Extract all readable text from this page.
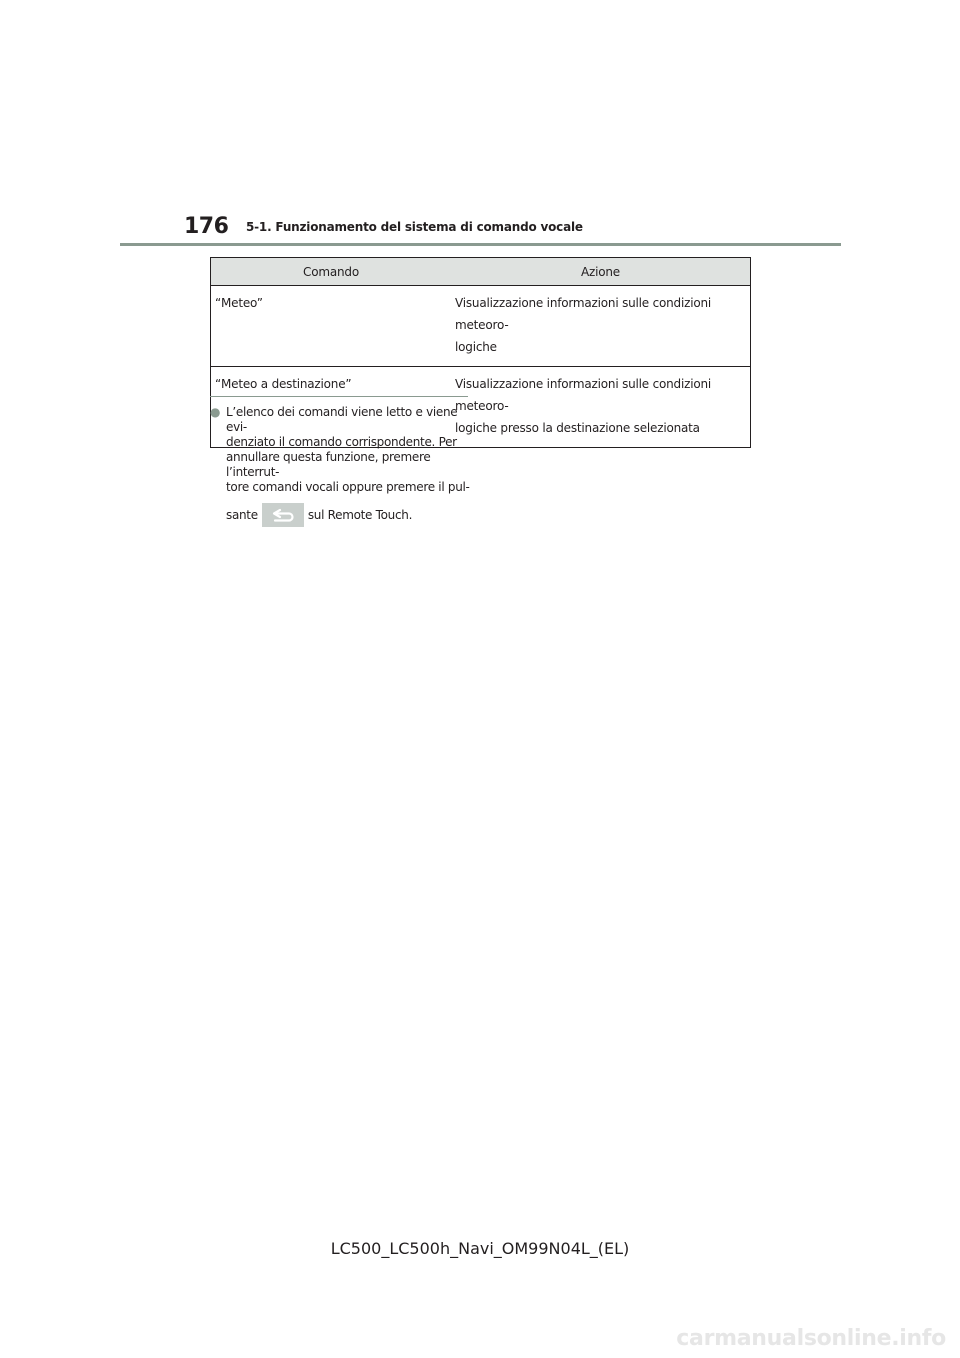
176 5-1. Funzionamento del sistema di comando vocale
Comando	Azione
“Meteo”	Visualizzazione informazioni sulle condizioni meteoro-
logiche
“Meteo a destinazione”	Visualizzazione informazioni sulle condizioni meteoro-
logiche presso la destinazione selezionata
● L’elenco dei comandi viene letto e viene evi-
denziato il comando corrispondente. Per
annullare questa funzione, premere l’interrut-
tore comandi vocali oppure premere il pul-
sante	sul Remote Touch.
LC500_LC500h_Navi_OM99N04L_(EL)
carmanualsonline.info
